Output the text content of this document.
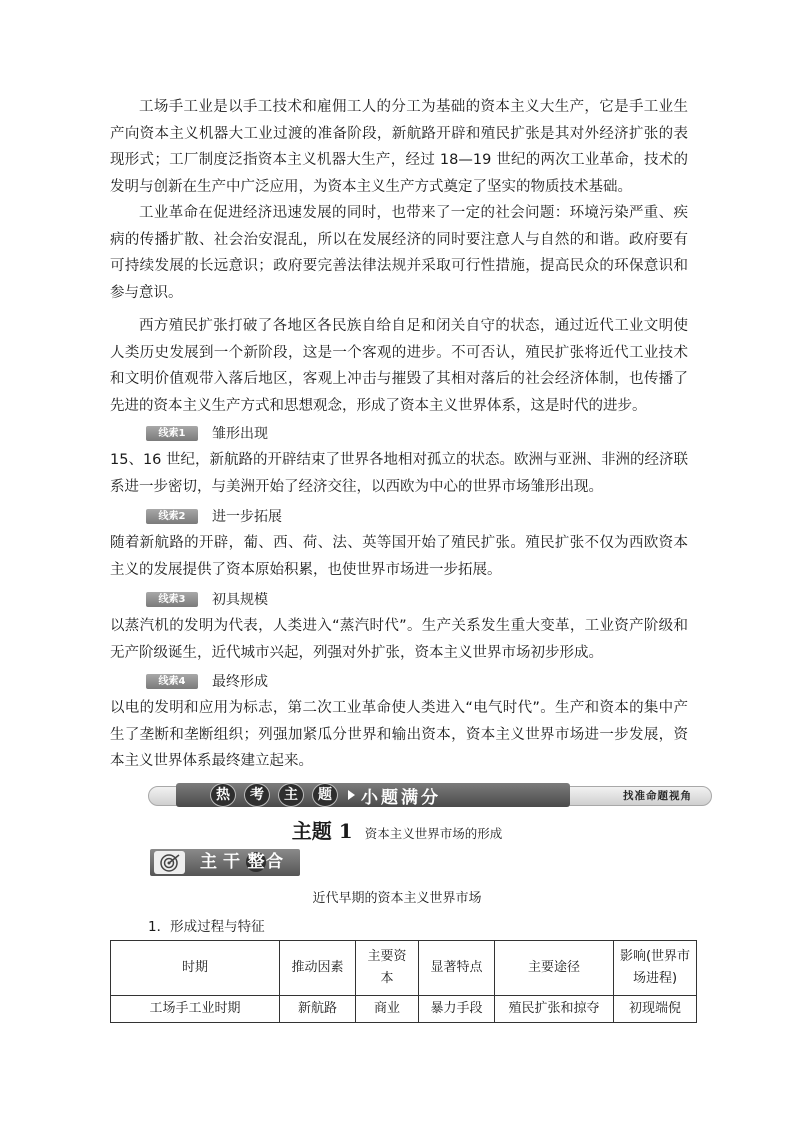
工场手工业是以手工技术和雇佣工人的分工为基础的资本主义大生产，它是手工业生产向资本主义机器大工业过渡的准备阶段，新航路开辟和殖民扩张是其对外经济扩张的表现形式；工厂制度泛指资本主义机器大生产，经过 18—19 世纪的两次工业革命，技术的发明与创新在生产中广泛应用，为资本主义生产方式奠定了坚实的物质技术基础。

工业革命在促进经济迅速发展的同时，也带来了一定的社会问题：环境污染严重、疾病的传播扩散、社会治安混乱，所以在发展经济的同时要注意人与自然的和谐。政府要有可持续发展的长远意识；政府要完善法律法规并采取可行性措施，提高民众的环保意识和参与意识。

西方殖民扩张打破了各地区各民族自给自足和闭关自守的状态，通过近代工业文明使人类历史发展到一个新阶段，这是一个客观的进步。不可否认，殖民扩张将近代工业技术和文明价值观带入落后地区，客观上冲击与摧毁了其相对落后的社会经济体制，也传播了先进的资本主义生产方式和思想观念，形成了资本主义世界体系，这是时代的进步。

线索1	雏形出现

15、16 世纪，新航路的开辟结束了世界各地相对孤立的状态。欧洲与亚洲、非洲的经济联系进一步密切，与美洲开始了经济交往，以西欧为中心的世界市场雏形出现。

线索2	进一步拓展

随着新航路的开辟，葡、西、荷、法、英等国开始了殖民扩张。殖民扩张不仅为西欧资本主义的发展提供了资本原始积累，也使世界市场进一步拓展。

线索3	初具规模

以蒸汽机的发明为代表，人类进入“蒸汽时代”。生产关系发生重大变革，工业资产阶级和无产阶级诞生，近代城市兴起，列强对外扩张，资本主义世界市场初步形成。

线索4	最终形成

以电的发明和应用为标志，第二次工业革命使人类进入“电气时代”。生产和资本的集中产生了垄断和垄断组织；列强加紧瓜分世界和输出资本，资本主义世界市场进一步发展，资本主义世界体系最终建立起来。

热	考	主	题	小题满分	找准命题视角
主题 1 资本主义世界市场的形成
主干整合
近代早期的资本主义世界市场
1．形成过程与特征
时期	推动因素	主要资本	显著特点	主要途径	影响(世界市场进程)
工场手工业时期	新航路	商业	暴力手段	殖民扩张和掠夺	初现端倪
